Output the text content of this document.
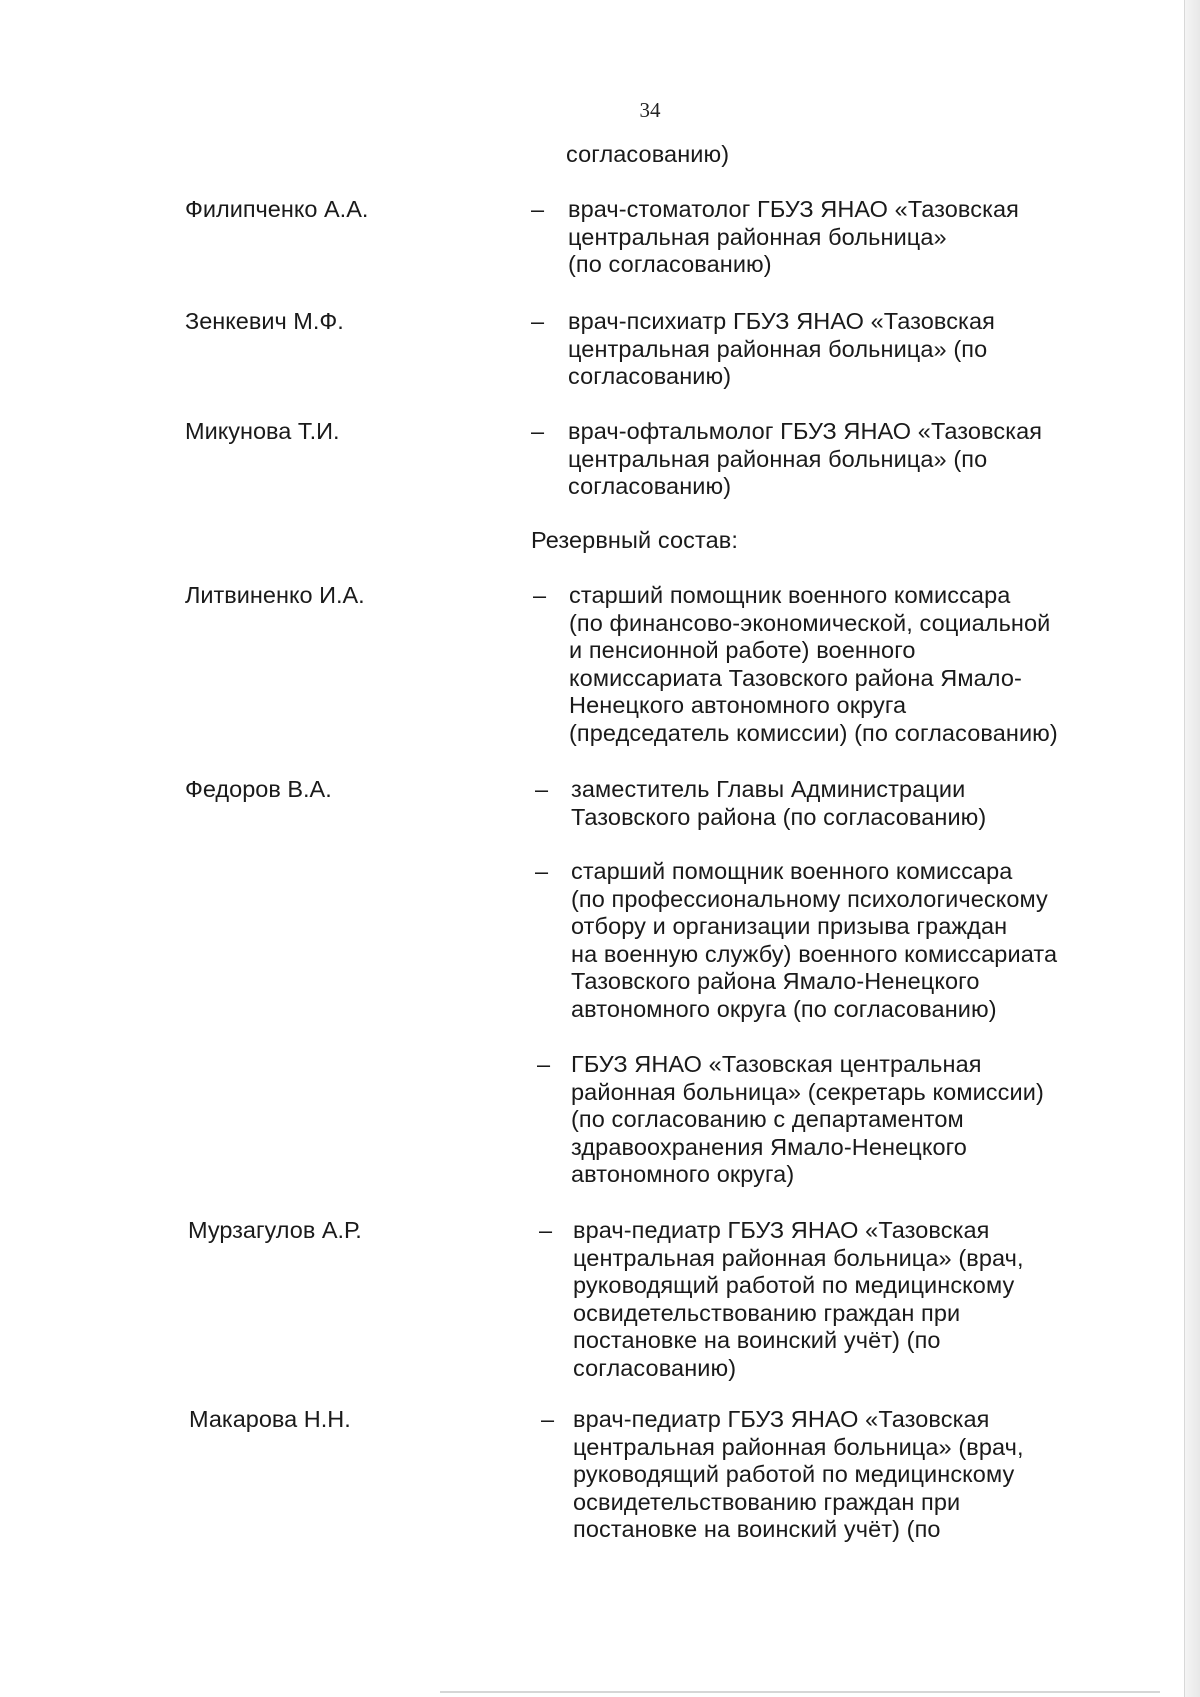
34
согласованию)
Резервный состав:
Филипченко А.А.	– врач-стоматолог ГБУЗ ЯНАО «Тазовская
центральная районная больница»
(по согласованию)
Зенкевич М.Ф.	– врач-психиатр ГБУЗ ЯНАО «Тазовская
центральная районная больница» (по
согласованию)
Микунова Т.И.	– врач-офтальмолог ГБУЗ ЯНАО «Тазовская
центральная районная больница» (по
согласованию)
Литвиненко И.А.	– старший помощник военного комиссара
(по финансово-экономической, социальной
и пенсионной работе) военного
комиссариата Тазовского района Ямало-
Ненецкого автономного округа
(председатель комиссии) (по согласованию)
Федоров В.А.	– заместитель Главы Администрации
Тазовского района (по согласованию)
– старший помощник военного комиссара
(по профессиональному психологическому
отбору и организации призыва граждан
на военную службу) военного комиссариата
Тазовского района Ямало-Ненецкого
автономного округа (по согласованию)
– ГБУЗ ЯНАО «Тазовская центральная
районная больница» (секретарь комиссии)
(по согласованию с департаментом
здравоохранения Ямало-Ненецкого
автономного округа)
Мурзагулов А.Р.	– врач-педиатр ГБУЗ ЯНАО «Тазовская
центральная районная больница» (врач,
руководящий работой по медицинскому
освидетельствованию граждан при
постановке на воинский учёт) (по
согласованию)
Макарова Н.Н.	– врач-педиатр ГБУЗ ЯНАО «Тазовская
центральная районная больница» (врач,
руководящий работой по медицинскому
освидетельствованию граждан при
постановке на воинский учёт) (по
